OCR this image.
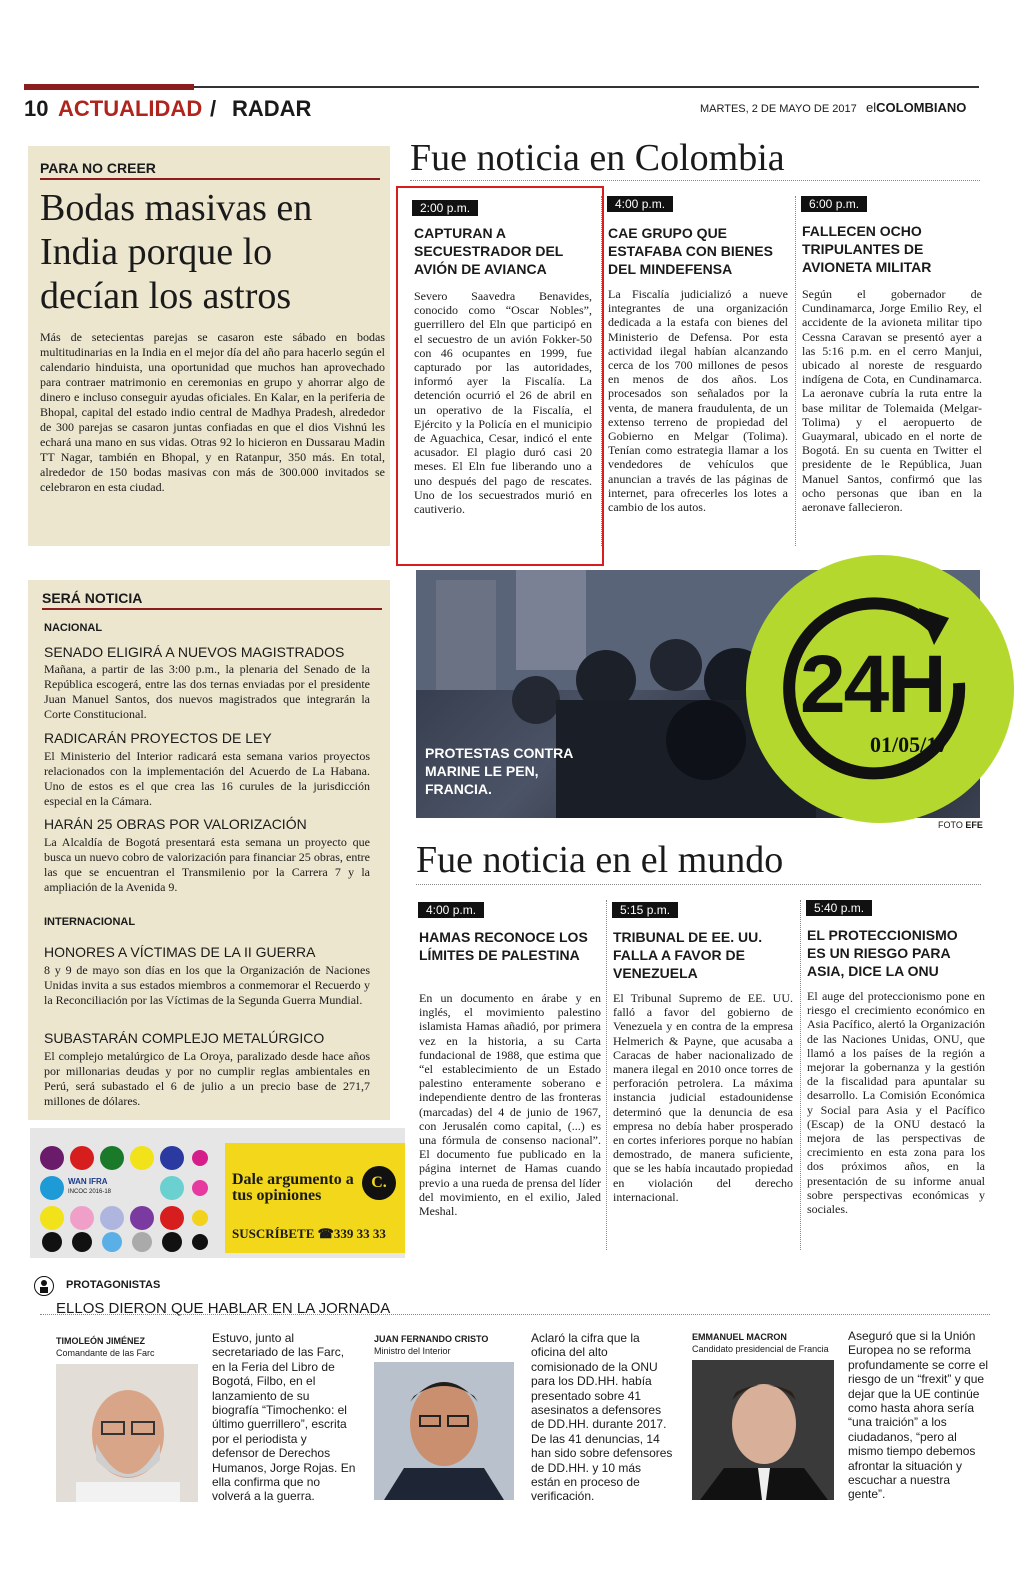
10 ACTUALIDAD / RADAR	MARTES, 2 DE MAYO DE 2017 elCOLOMBIANO
PARA NO CREER
Bodas masivas en India porque lo decían los astros
Más de setecientas parejas se casaron este sábado en bodas multitudinarias en la India en el mejor día del año para hacerlo según el calendario hinduista, una oportunidad que muchos han aprovechado para contraer matrimonio en ceremonias en grupo y ahorrar algo de dinero e incluso conseguir ayudas oficiales. En Kalar, en la periferia de Bhopal, capital del estado indio central de Madhya Pradesh, alrededor de 300 parejas se casaron juntas confiadas en que el dios Vishnú les echará una mano en sus vidas. Otras 92 lo hicieron en Dussarau Madin TT Nagar, también en Bhopal, y en Ratanpur, 350 más. En total, alrededor de 150 bodas masivas con más de 300.000 invitados se celebraron en esta ciudad.
SERÁ NOTICIA
NACIONAL
SENADO ELIGIRÁ A NUEVOS MAGISTRADOS
Mañana, a partir de las 3:00 p.m., la plenaria del Senado de la República escogerá, entre las dos ternas enviadas por el presidente Juan Manuel Santos, dos nuevos magistrados que integrarán la Corte Constitucional.
RADICARÁN PROYECTOS DE LEY
El Ministerio del Interior radicará esta semana varios proyectos relacionados con la implementación del Acuerdo de La Habana. Uno de estos es el que crea las 16 curules de la jurisdicción especial en la Cámara.
HARÁN 25 OBRAS POR VALORIZACIÓN
La Alcaldía de Bogotá presentará esta semana un proyecto que busca un nuevo cobro de valorización para financiar 25 obras, entre las que se encuentran el Transmilenio por la Carrera 7 y la ampliación de la Avenida 9.
INTERNACIONAL
HONORES A VÍCTIMAS DE LA II GUERRA
8 y 9 de mayo son días en los que la Organización de Naciones Unidas invita a sus estados miembros a conmemorar el Recuerdo y la Reconciliación por las Víctimas de la Segunda Guerra Mundial.
SUBASTARÁN COMPLEJO METALÚRGICO
El complejo metalúrgico de La Oroya, paralizado desde hace años por millonarias deudas y por no cumplir reglas ambientales en Perú, será subastado el 6 de julio a un precio base de 271,7 millones de dólares.
Fue noticia en Colombia
2:00 p.m.
CAPTURAN A SECUESTRADOR DEL AVIÓN DE AVIANCA
Severo Saavedra Benavides, conocido como “Oscar Nobles”, guerrillero del Eln que participó en el secuestro de un avión Fokker-50 con 46 ocupantes en 1999, fue capturado por las autoridades, informó ayer la Fiscalía. La detención ocurrió el 26 de abril en un operativo de la Fiscalía, el Ejército y la Policía en el municipio de Aguachica, Cesar, indicó el ente acusador. El plagio duró casi 20 meses. El Eln fue liberando uno a uno después del pago de rescates. Uno de los secuestrados murió en cautiverio.
4:00 p.m.
CAE GRUPO QUE ESTAFABA CON BIENES DEL MINDEFENSA
La Fiscalía judicializó a nueve integrantes de una organización dedicada a la estafa con bienes del Ministerio de Defensa. Por esta actividad ilegal habían alcanzando cerca de los 700 millones de pesos en menos de dos años. Los procesados son señalados por la venta, de manera fraudulenta, de un extenso terreno de propiedad del Gobierno en Melgar (Tolima). Tenían como estrategia llamar a los vendedores de vehículos que anuncian a través de las páginas de internet, para ofrecerles los lotes a cambio de los autos.
6:00 p.m.
FALLECEN OCHO TRIPULANTES DE AVIONETA MILITAR
Según el gobernador de Cundinamarca, Jorge Emilio Rey, el accidente de la avioneta militar tipo Cessna Caravan se presentó ayer a las 5:16 p.m. en el cerro Manjui, ubicado al noreste de resguardo indígena de Cota, en Cundinamarca. La aeronave cubría la ruta entre la base militar de Tolemaida (Melgar-Tolima) y el aeropuerto de Guaymaral, ubicado en el norte de Bogotá. En su cuenta en Twitter el presidente de le República, Juan Manuel Santos, confirmó que las ocho personas que iban en la aeronave fallecieron.
24H
01/05/17
PROTESTAS CONTRA MARINE LE PEN, FRANCIA.
FOTO EFE
Fue noticia en el mundo
4:00 p.m.
HAMAS RECONOCE LOS LÍMITES DE PALESTINA
En un documento en árabe y en inglés, el movimiento palestino islamista Hamas añadió, por primera vez en la historia, a su Carta fundacional de 1988, que estima que “el establecimiento de un Estado palestino enteramente soberano e independiente dentro de las fronteras (marcadas) del 4 de junio de 1967, con Jerusalén como capital, (...) es una fórmula de consenso nacional”. El documento fue publicado en la página internet de Hamas cuando previo a una rueda de prensa del líder del movimiento, en el exilio, Jaled Meshal.
5:15 p.m.
TRIBUNAL DE EE. UU. FALLA A FAVOR DE VENEZUELA
El Tribunal Supremo de EE. UU. falló a favor del gobierno de Venezuela y en contra de la empresa Helmerich & Payne, que acusaba a Caracas de haber nacionalizado de manera ilegal en 2010 once torres de perforación petrolera. La máxima instancia judicial estadounidense determinó que la denuncia de esa empresa no debía haber prosperado en cortes inferiores porque no habían demostrado, de manera suficiente, que se les había incautado propiedad en violación del derecho internacional.
5:40 p.m.
EL PROTECCIONISMO ES UN RIESGO PARA ASIA, DICE LA ONU
El auge del proteccionismo pone en riesgo el crecimiento económico en Asia Pacífico, alertó la Organización de las Naciones Unidas, ONU, que llamó a los países de la región a mejorar la gobernanza y la gestión de la fiscalidad para apuntalar su desarrollo. La Comisión Económica y Social para Asia y el Pacífico (Escap) de la ONU destacó la mejora de las perspectivas de crecimiento en esta zona para los dos próximos años, en la presentación de su informe anual sobre perspectivas económicas y sociales.
WAN IFRA
INCOC 2016-18
Dale argumento a tus opiniones
C.
SUSCRÍBETE ☎339 33 33
PROTAGONISTAS
ELLOS DIERON QUE HABLAR EN LA JORNADA
TIMOLEÓN JIMÉNEZ
Comandante de las Farc
Estuvo, junto al secretariado de las Farc, en la Feria del Libro de Bogotá, Filbo, en el lanzamiento de su biografía “Timochenko: el último guerrillero”, escrita por el periodista y defensor de Derechos Humanos, Jorge Rojas. En ella confirma que no volverá a la guerra.
JUAN FERNANDO CRISTO
Ministro del Interior
Aclaró la cifra que la oficina del alto comisionado de la ONU para los DD.HH. había presentado sobre 41 asesinatos a defensores de DD.HH. durante 2017. De las 41 denuncias, 14 han sido sobre defensores de DD.HH. y 10 más están en proceso de verificación.
EMMANUEL MACRON
Candidato presidencial de Francia
Aseguró que si la Unión Europea no se reforma profundamente se corre el riesgo de un “frexit” y que dejar que la UE continúe como hasta ahora sería “una traición” a los ciudadanos, “pero al mismo tiempo debemos afrontar la situación y escuchar a nuestra gente”.
